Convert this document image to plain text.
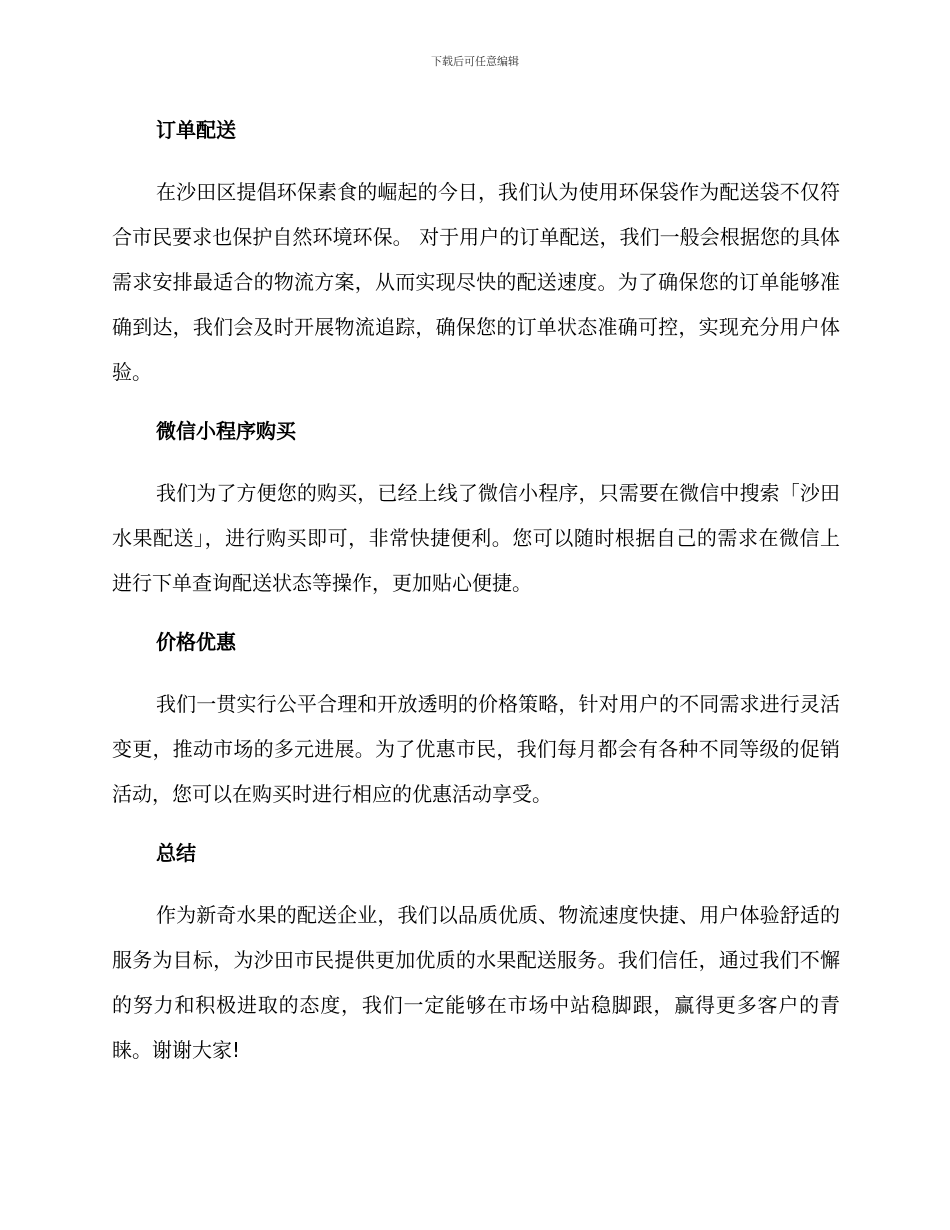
下载后可任意编辑
订单配送

在沙田区提倡环保素食的崛起的今日，我们认为使用环保袋作为配送袋不仅符合市民要求也保护自然环境环保。 对于用户的订单配送，我们一般会根据您的具体需求安排最适合的物流方案，从而实现尽快的配送速度。为了确保您的订单能够准确到达，我们会及时开展物流追踪，确保您的订单状态准确可控，实现充分用户体验。

微信小程序购买

我们为了方便您的购买，已经上线了微信小程序，只需要在微信中搜索「沙田水果配送」，进行购买即可，非常快捷便利。您可以随时根据自己的需求在微信上进行下单查询配送状态等操作，更加贴心便捷。

价格优惠

我们一贯实行公平合理和开放透明的价格策略，针对用户的不同需求进行灵活变更，推动市场的多元进展。为了优惠市民，我们每月都会有各种不同等级的促销活动，您可以在购买时进行相应的优惠活动享受。

总结

作为新奇水果的配送企业，我们以品质优质、物流速度快捷、用户体验舒适的服务为目标，为沙田市民提供更加优质的水果配送服务。我们信任，通过我们不懈的努力和积极进取的态度，我们一定能够在市场中站稳脚跟，赢得更多客户的青睐。谢谢大家!
